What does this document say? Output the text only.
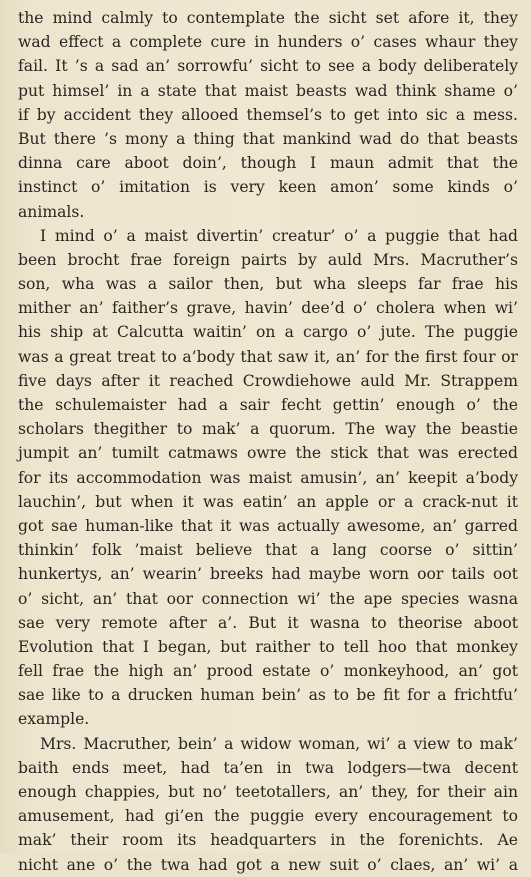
the mind calmly to contemplate the sicht set afore it, they
wad effect a complete cure in hunders o’ cases whaur they
fail. It ’s a sad an’ sorrowfu’ sicht to see a body deliberately
put himsel’ in a state that maist beasts wad think shame o’
if by accident they allooed themsel’s to get into sic a mess.
But there ’s mony a thing that mankind wad do that beasts
dinna care aboot doin’, though I maun admit that the
instinct o’ imitation is very keen amon’ some kinds o’
animals.
I mind o’ a maist divertin’ creatur’ o’ a puggie that had
been brocht frae foreign pairts by auld Mrs. Macruther’s
son, wha was a sailor then, but wha sleeps far frae his
mither an’ faither’s grave, havin’ dee’d o’ cholera when wi’
his ship at Calcutta waitin’ on a cargo o’ jute. The puggie
was a great treat to a’body that saw it, an’ for the first four or
five days after it reached Crowdiehowe auld Mr. Strappem
the schulemaister had a sair fecht gettin’ enough o’ the
scholars thegither to mak’ a quorum. The way the beastie
jumpit an’ tumilt catmaws owre the stick that was erected
for its accommodation was maist amusin’, an’ keepit a’body
lauchin’, but when it was eatin’ an apple or a crack-nut it
got sae human-like that it was actually awesome, an’ garred
thinkin’ folk ’maist believe that a lang coorse o’ sittin’
hunkertys, an’ wearin’ breeks had maybe worn oor tails oot
o’ sicht, an’ that oor connection wi’ the ape species wasna
sae very remote after a’. But it wasna to theorise aboot
Evolution that I began, but raither to tell hoo that monkey
fell frae the high an’ prood estate o’ monkeyhood, an’ got
sae like to a drucken human bein’ as to be fit for a frichtfu’
example.
Mrs. Macruther, bein’ a widow woman, wi’ a view to mak’
baith ends meet, had ta’en in twa lodgers—twa decent
enough chappies, but no’ teetotallers, an’ they, for their ain
amusement, had gi’en the puggie every encouragement to
mak’ their room its headquarters in the forenichts. Ae
nicht ane o’ the twa had got a new suit o’ claes, an’ wi’ a
